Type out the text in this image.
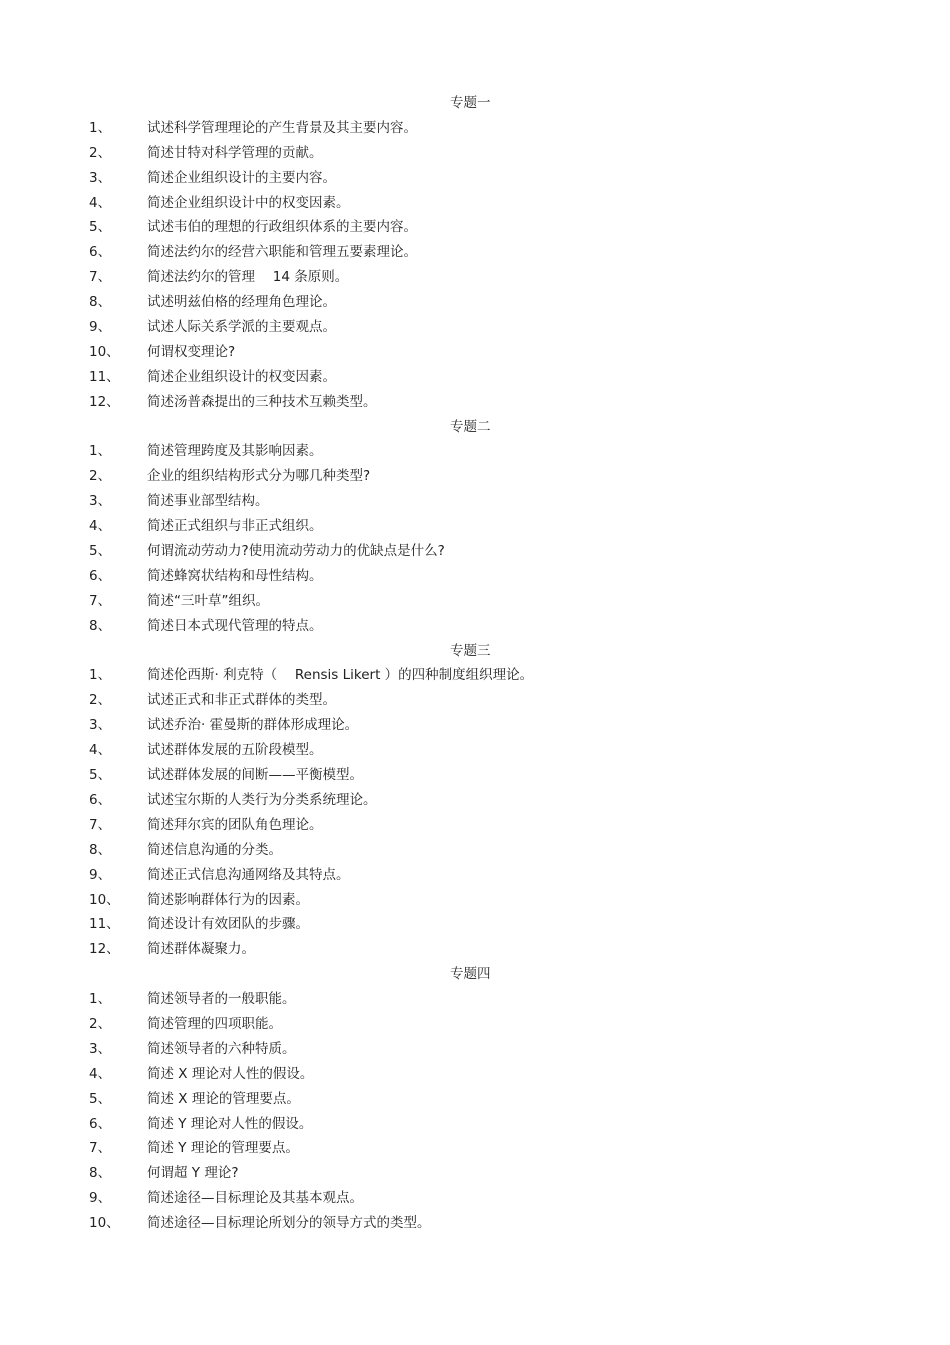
专题一
1、	试述科学管理理论的产生背景及其主要内容。
2、	简述甘特对科学管理的贡献。
3、	简述企业组织设计的主要内容。
4、	简述企业组织设计中的权变因素。
5、	试述韦伯的理想的行政组织体系的主要内容。
6、	简述法约尔的经营六职能和管理五要素理论。
7、	简述法约尔的管理　 14 条原则。
8、	试述明兹伯格的经理角色理论。
9、	试述人际关系学派的主要观点。
10、 何谓权变理论?
11、 简述企业组织设计的权变因素。
12、 简述汤普森提出的三种技术互赖类型。
专题二
1、	简述管理跨度及其影响因素。
2、	企业的组织结构形式分为哪几种类型?
3、	简述事业部型结构。
4、	简述正式组织与非正式组织。
5、	何谓流动劳动力?使用流动劳动力的优缺点是什么?
6、	简述蜂窝状结构和母性结构。
7、	简述“三叶草”组织。
8、	简述日本式现代管理的特点。
专题三
1、	简述伦西斯· 利克特（　 Rensis Likert ）的四种制度组织理论。
2、	试述正式和非正式群体的类型。
3、	试述乔治· 霍曼斯的群体形成理论。
4、	试述群体发展的五阶段模型。
5、	试述群体发展的间断——平衡模型。
6、	试述宝尔斯的人类行为分类系统理论。
7、	简述拜尔宾的团队角色理论。
8、	简述信息沟通的分类。
9、	简述正式信息沟通网络及其特点。
10、 简述影响群体行为的因素。
11、 简述设计有效团队的步骤。
12、 简述群体凝聚力。
专题四
1、	简述领导者的一般职能。
2、	简述管理的四项职能。
3、	简述领导者的六种特质。
4、	简述 X 理论对人性的假设。
5、	简述 X 理论的管理要点。
6、	简述 Y 理论对人性的假设。
7、	简述 Y 理论的管理要点。
8、	何谓超 Y 理论?
9、	简述途径—目标理论及其基本观点。
10、 简述途径—目标理论所划分的领导方式的类型。
